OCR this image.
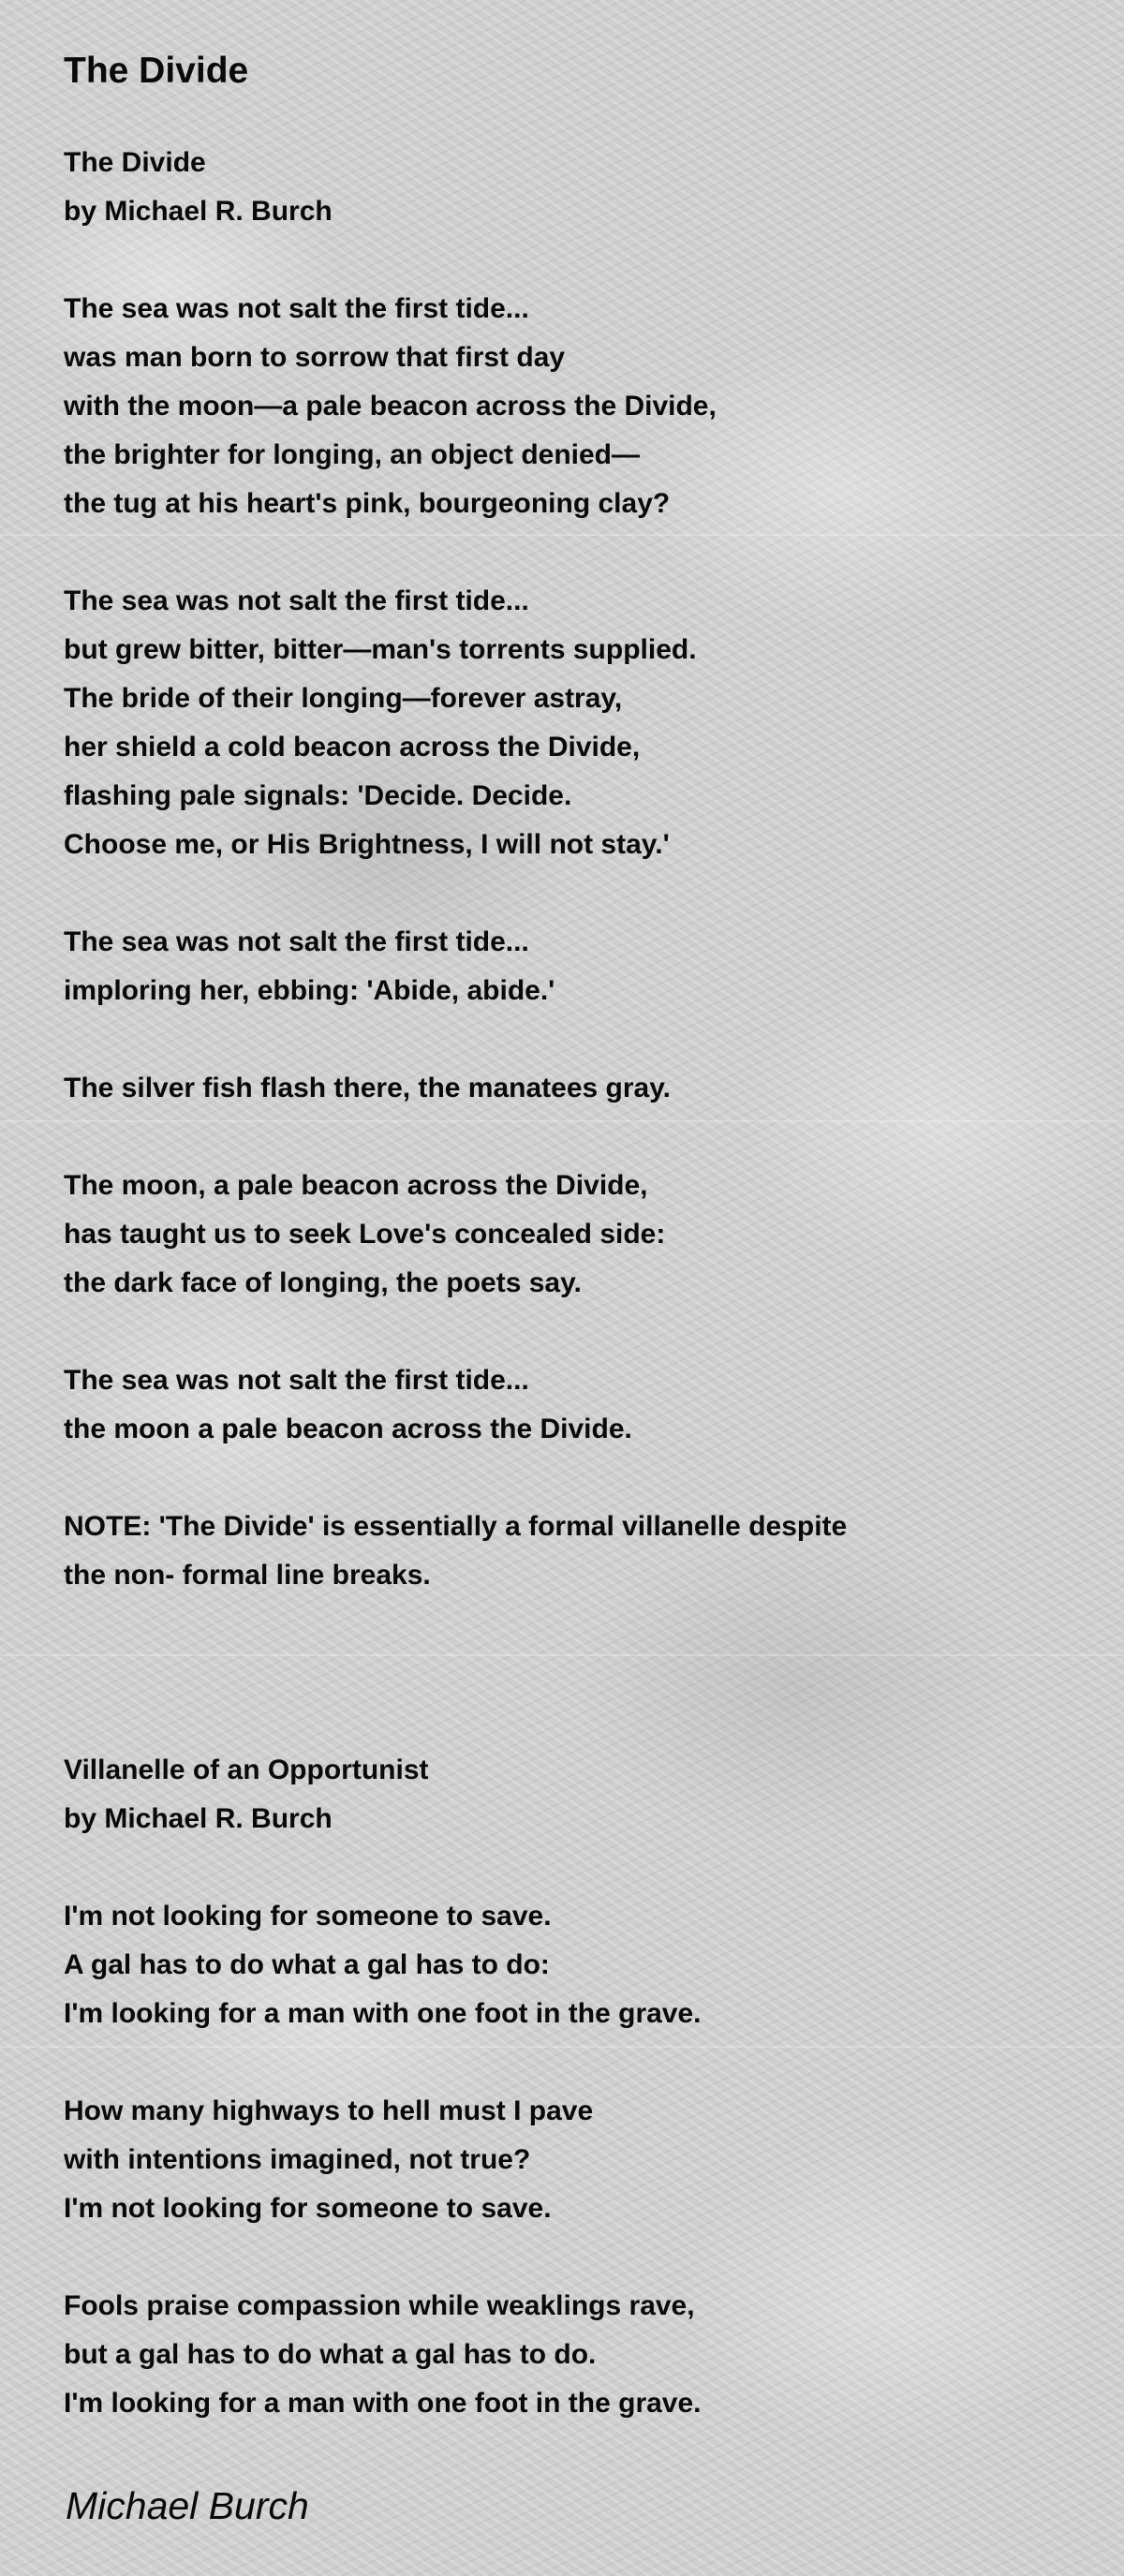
The Divide
The Divide
by Michael R. Burch
The sea was not salt the first tide...
was man born to sorrow that first day
with the moon—a pale beacon across the Divide,
the brighter for longing, an object denied—
the tug at his heart's pink, bourgeoning clay?
The sea was not salt the first tide...
but grew bitter, bitter—man's torrents supplied.
The bride of their longing—forever astray,
her shield a cold beacon across the Divide,
flashing pale signals: 'Decide. Decide.
Choose me, or His Brightness, I will not stay.'
The sea was not salt the first tide...
imploring her, ebbing: 'Abide, abide.'
The silver fish flash there, the manatees gray.
The moon, a pale beacon across the Divide,
has taught us to seek Love's concealed side:
the dark face of longing, the poets say.
The sea was not salt the first tide...
the moon a pale beacon across the Divide.
NOTE: 'The Divide' is essentially a formal villanelle despite
the non- formal line breaks.
Villanelle of an Opportunist
by Michael R. Burch
I'm not looking for someone to save.
A gal has to do what a gal has to do:
I'm looking for a man with one foot in the grave.
How many highways to hell must I pave
with intentions imagined, not true?
I'm not looking for someone to save.
Fools praise compassion while weaklings rave,
but a gal has to do what a gal has to do.
I'm looking for a man with one foot in the grave.
Michael Burch
